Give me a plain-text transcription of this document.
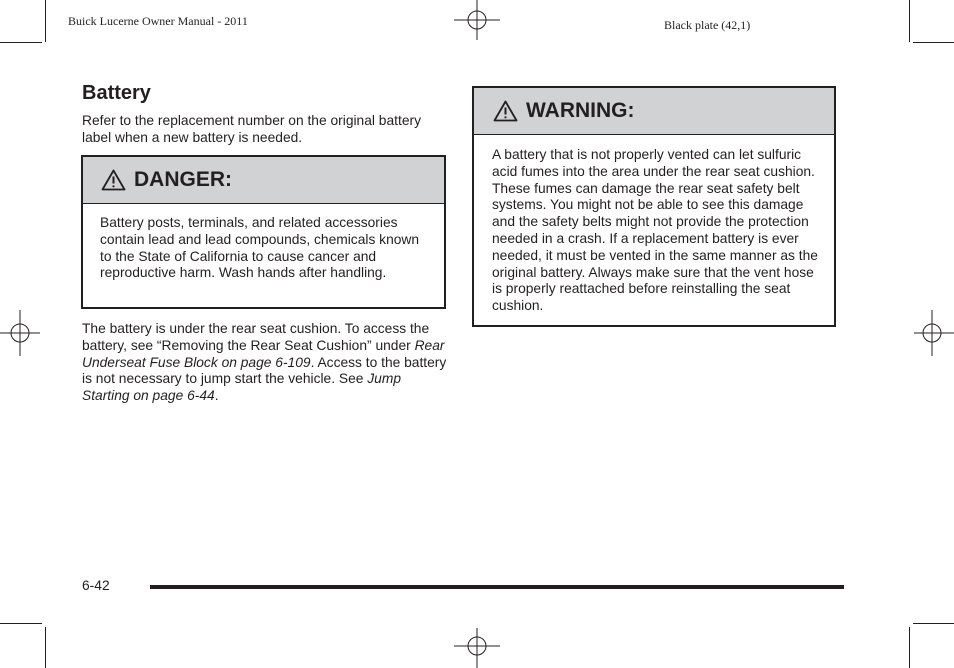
Buick Lucerne Owner Manual - 2011	Black plate (42,1)
Battery

Refer to the replacement number on the original battery label when a new battery is needed.

DANGER:
Battery posts, terminals, and related accessories contain lead and lead compounds, chemicals known to the State of California to cause cancer and reproductive harm. Wash hands after handling.

The battery is under the rear seat cushion. To access the battery, see “Removing the Rear Seat Cushion” under Rear Underseat Fuse Block on page 6-109. Access to the battery is not necessary to jump start the vehicle. See Jump Starting on page 6-44.

WARNING:
A battery that is not properly vented can let sulfuric acid fumes into the area under the rear seat cushion. These fumes can damage the rear seat safety belt systems. You might not be able to see this damage and the safety belts might not provide the protection needed in a crash. If a replacement battery is ever needed, it must be vented in the same manner as the original battery. Always make sure that the vent hose is properly reattached before reinstalling the seat cushion.
6-42
